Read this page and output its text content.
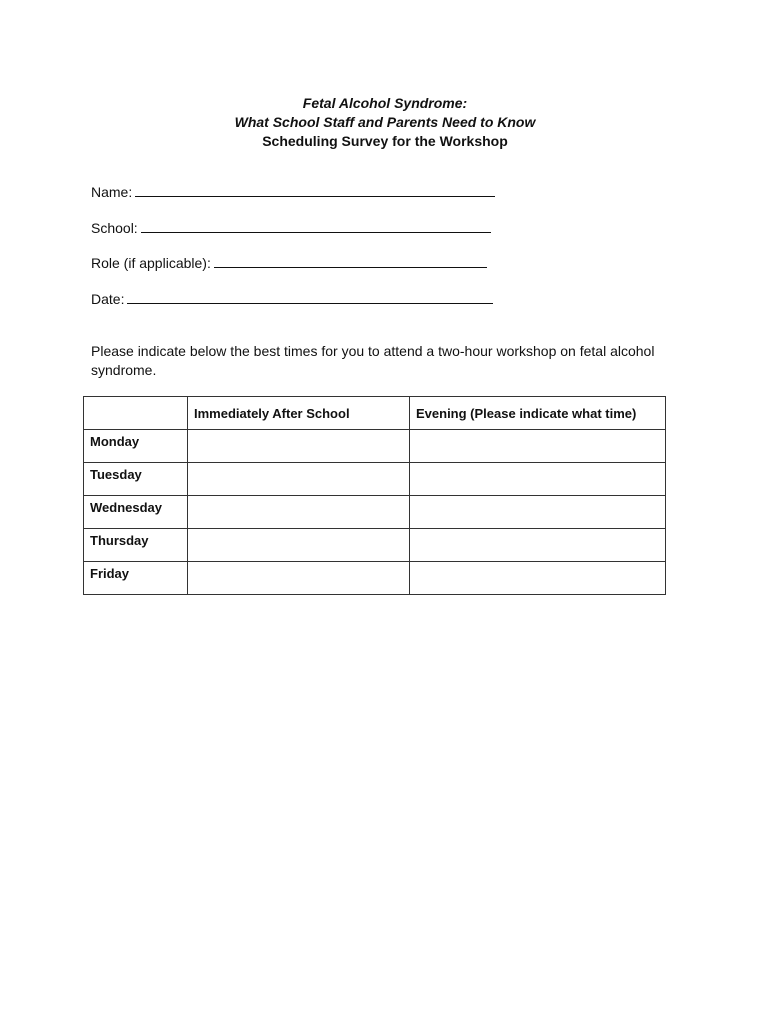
Fetal Alcohol Syndrome:
What School Staff and Parents Need to Know
Scheduling Survey for the Workshop
Name:
School:
Role (if applicable):
Date:
Please indicate below the best times for you to attend a two-hour workshop on fetal alcohol syndrome.
	Immediately After School	Evening (Please indicate what time)
Monday		
Tuesday		
Wednesday		
Thursday		
Friday		
